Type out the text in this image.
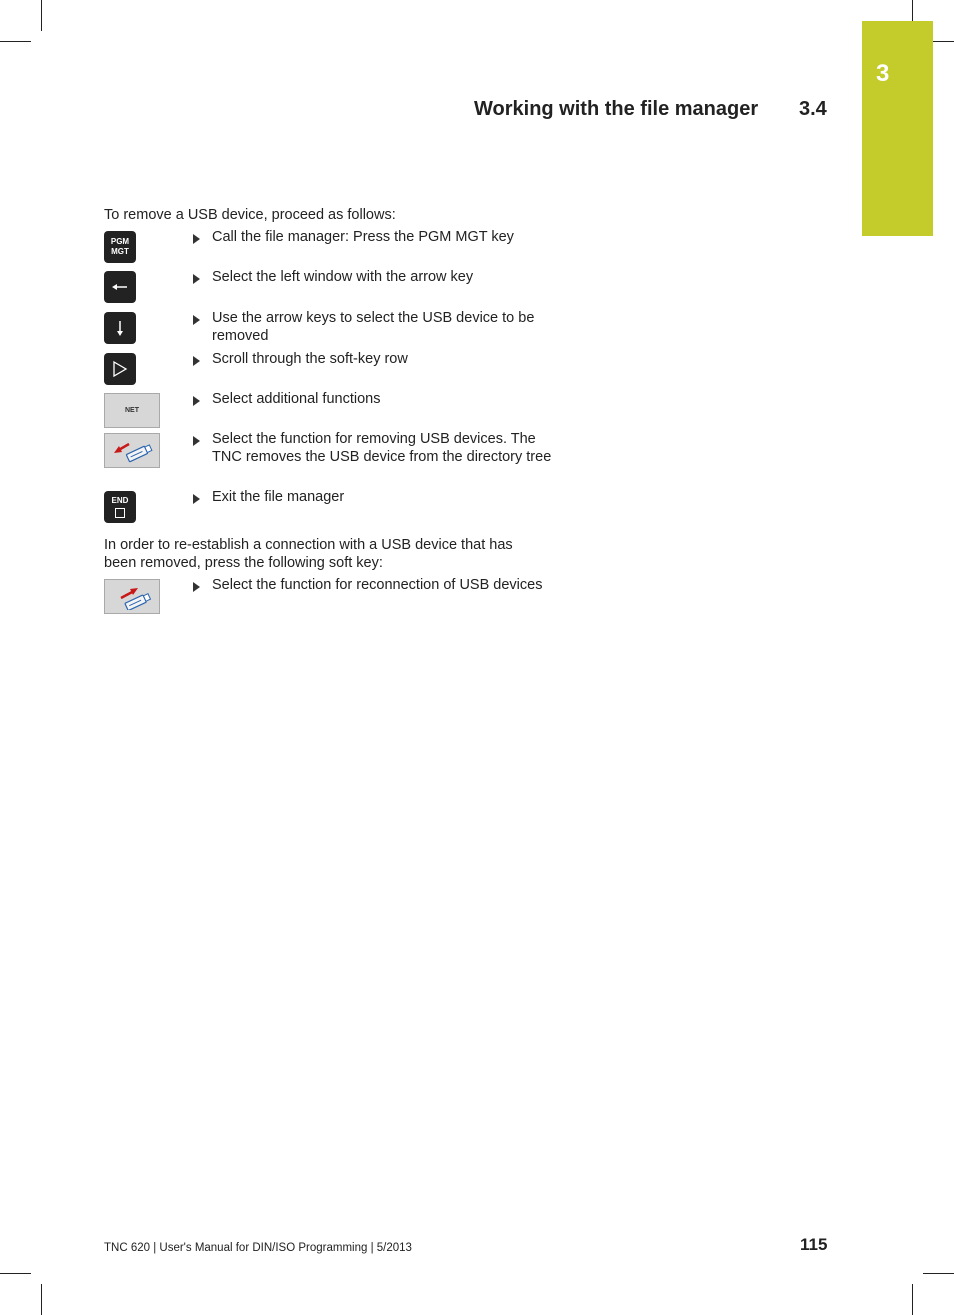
3
Working with the file manager 3.4
To remove a USB device, proceed as follows:
PGM
MGT
Call the file manager: Press the PGM MGT key
Select the left window with the arrow key
Use the arrow keys to select the USB device to be removed
Scroll through the soft-key row
NET
Select additional functions
Select the function for removing USB devices. The TNC removes the USB device from the directory tree
END	Exit the file manager
In order to re-establish a connection with a USB device that has been removed, press the following soft key:
Select the function for reconnection of USB devices
TNC 620 | User's Manual for DIN/ISO Programming | 5/2013	115
